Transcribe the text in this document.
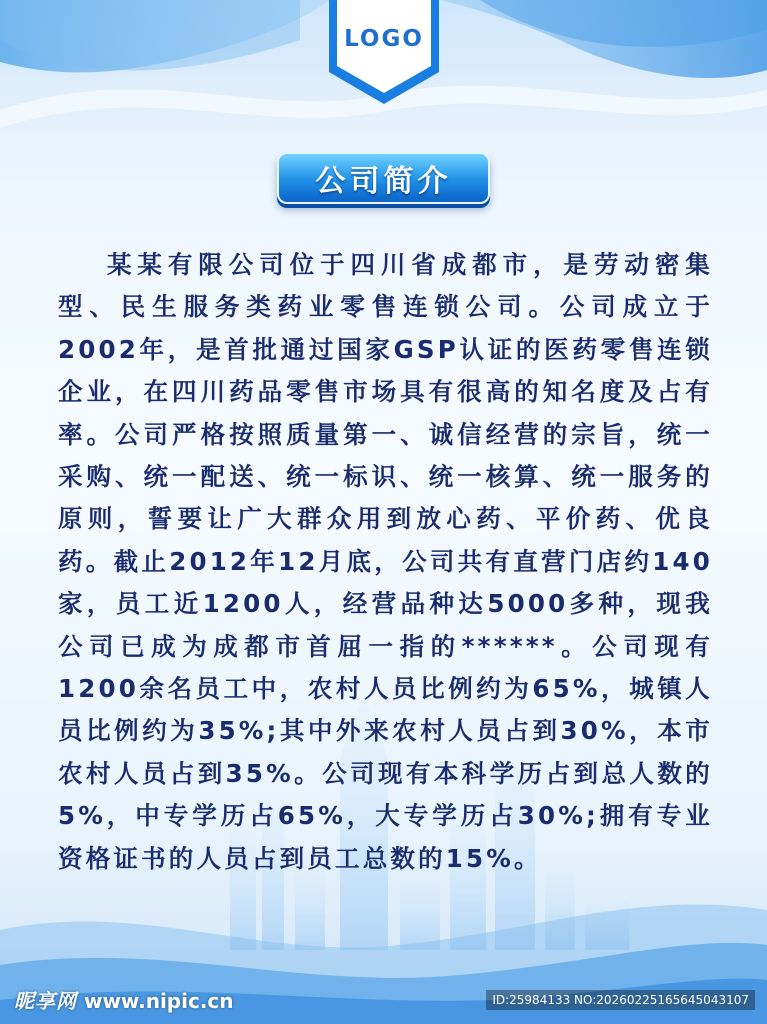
LOGO
公司简介

某某有限公司位于四川省成都市，是劳动密集型、民生服务类药业零售连锁公司。公司成立于2002年，是首批通过国家GSP认证的医药零售连锁企业，在四川药品零售市场具有很高的知名度及占有率。公司严格按照质量第一、诚信经营的宗旨，统一采购、统一配送、统一标识、统一核算、统一服务的原则，誓要让广大群众用到放心药、平价药、优良药。截止2012年12月底，公司共有直营门店约140家，员工近1200人，经营品种达5000多种，现我公司已成为成都市首屈一指的******。公司现有1200余名员工中，农村人员比例约为65%，城镇人员比例约为35%;其中外来农村人员占到30%，本市农村人员占到35%。公司现有本科学历占到总人数的5%，中专学历占65%，大专学历占30%;拥有专业资格证书的人员占到员工总数的15%。

昵享网 www.nipic.cn	ID:25984133 NO:20260225165645043107
